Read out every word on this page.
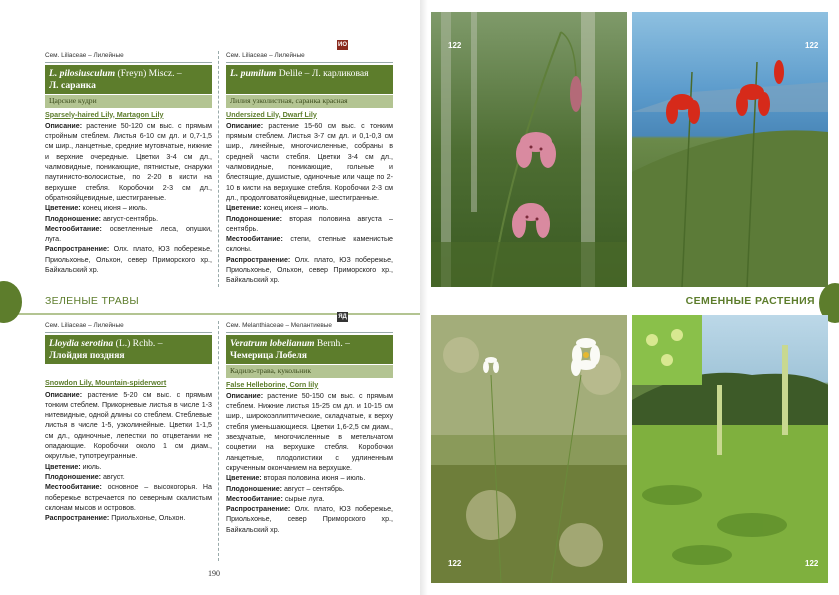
Сем. Liliaceae – Лилейные
L. pilosiusculum (Freyn) Miscz. –
Л. саранка
Царские кудри
Sparsely-haired Lily, Martagon Lily

Описание: растение 50-120 см выс. с прямым стройным стеблем. Листья 6-10 см дл. и 0,7-1,5 см шир., ланцетные, средние мутовчатые, нижние и верхние очередные. Цветки 3-4 см дл., чалмовидные, поникающие, пятнистые, снаружи паутинисто-волосистые, по 2-20 в кисти на верхушке стебля. Коробочки 2-3 см дл., обратнояйцевидные, шестигранные.

Цветение: конец июня – июль.

Плодоношение: август-сентябрь.

Местообитание: осветленные леса, опушки, луга.

Распространение: Олх. плато, ЮЗ побережье, Приольхонье, Ольхон, север Приморского хр., Байкальский хр.

Сем. Liliaceae – Лилейные
L. pumilum Delile – Л. карликовая

Лилия узколистная, саранка красная
Undersized Lily, Dwarf Lily

Описание: растение 15-60 см выс. с тонким прямым стеблем. Листья 3-7 см дл. и 0,1-0,3 см шир., линейные, многочисленные, собраны в средней части стебля. Цветки 3-4 см дл., чалмовидные, поникающие, гольные и блестящие, душистые, одиночные или чаще по 2-10 в кисти на верхушке стебля. Коробочки 2-3 см дл., продолговатояйцевидные, шестигранные.

Цветение: конец июня – июль.

Плодоношение: вторая половина августа – сентябрь.

Местообитание: степи, степные каменистые склоны.

Распространение: Олх. плато, ЮЗ побережье, Приольхонье, Ольхон, север Приморского хр., Байкальский хр.

ИО
ЗЕЛЕНЫЕ ТРАВЫ
Сем. Liliaceae – Лилейные
Lloydia serotina (L.) Rchb. –
Ллойдия поздняя
Snowdon Lily, Mountain-spiderwort

Описание: растение 5-20 см выс. с прямым тонким стеблем. Прикорневые листья в числе 1-3 нитевидные, одной длины со стеблем. Стеблевые листья в числе 1-5, узколинейные. Цветки 1-1,5 см дл., одиночные, лепестки по отцветании не опадающие. Коробочки около 1 см диам., округлые, тупотреугранные.

Цветение: июль.

Плодоношение: август.

Местообитание: основное – высокогорья. На побережье встречается по северным скалистым склонам мысов и островов.

Распространение: Приольхонье, Ольхон.

Сем. Melanthiaceae – Мелантиевые
Veratrum lobelianum Bernh. –
Чемерица Лобеля
Кадило-трава, кукольник
False Helleborine, Corn lily

Описание: растение 50-150 см выс. с прямым стеблем. Нижние листья 15-25 см дл. и 10-15 см шир., широкоэллиптические, складчатые, к верху стебля уменьшающиеся. Цветки 1,6-2,5 см диам., звездчатые, многочисленные в метельчатом соцветии на верхушке стебля. Коробочки ланцетные, плодолистики с удлиненным скрученным окончанием на верхушке.

Цветение: вторая половина июня – июль.

Плодоношение: август – сентябрь.

Местообитание: сырые луга.

Распространение: Олх. плато, ЮЗ побережье, Приольхонье, север Приморского хр., Байкальский хр.

ЯД
190
122	122
СЕМЕННЫЕ РАСТЕНИЯ
122	122
